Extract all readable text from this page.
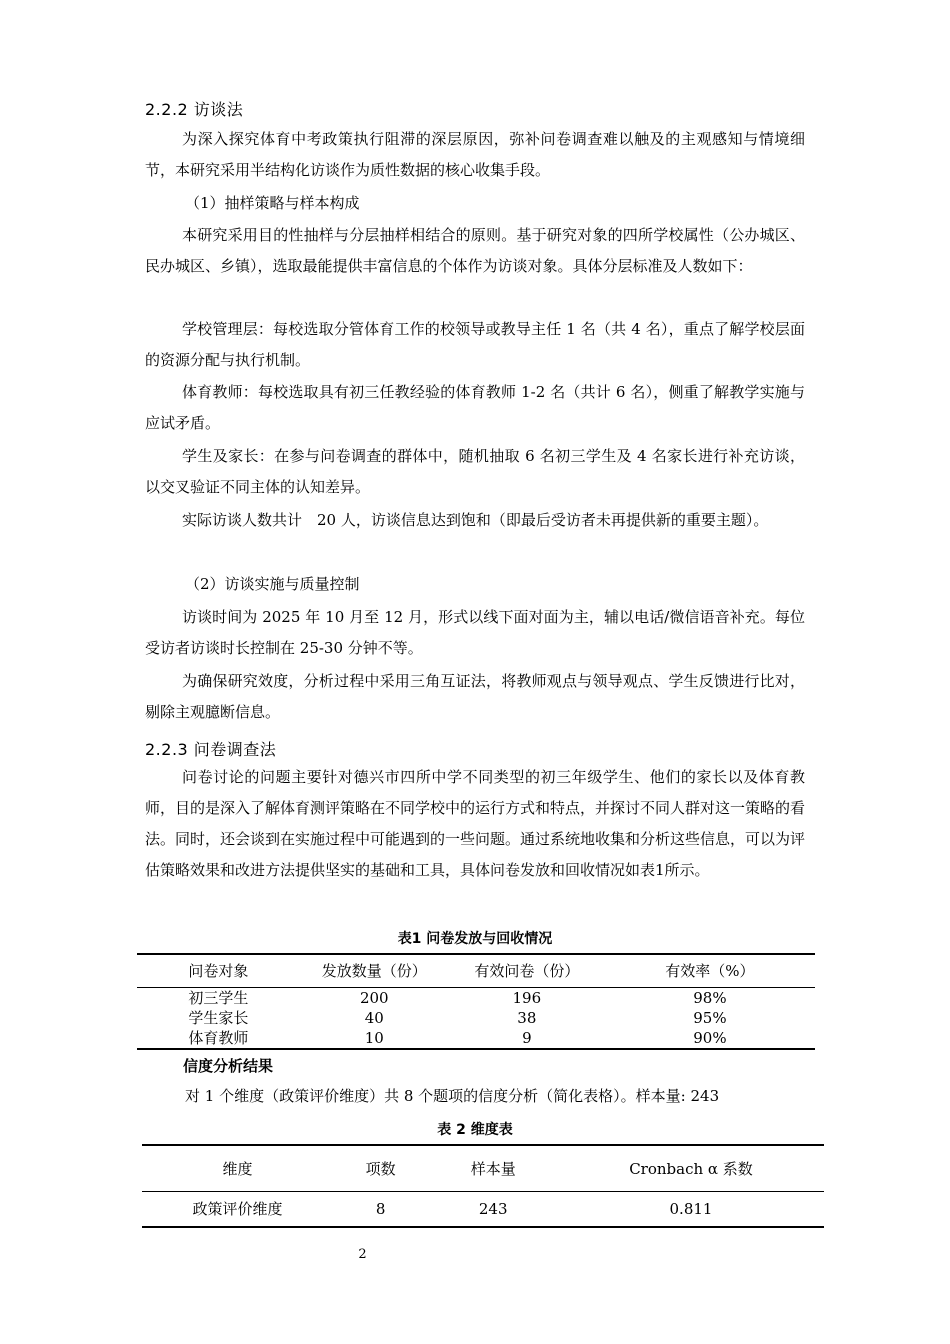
2.2.2 访谈法

为深入探究体育中考政策执行阻滞的深层原因，弥补问卷调查难以触及的主观感知与情境细节，本研究采用半结构化访谈作为质性数据的核心收集手段。

（1）抽样策略与样本构成

本研究采用目的性抽样与分层抽样相结合的原则。基于研究对象的四所学校属性（公办城区、民办城区、乡镇），选取最能提供丰富信息的个体作为访谈对象。具体分层标准及人数如下：

学校管理层：每校选取分管体育工作的校领导或教导主任 1 名（共 4 名），重点了解学校层面的资源分配与执行机制。

体育教师：每校选取具有初三任教经验的体育教师 1-2 名（共计 6 名），侧重了解教学实施与应试矛盾。

学生及家长：在参与问卷调查的群体中，随机抽取 6 名初三学生及 4 名家长进行补充访谈，以交叉验证不同主体的认知差异。

实际访谈人数共计　20 人，访谈信息达到饱和（即最后受访者未再提供新的重要主题）。

（2）访谈实施与质量控制

访谈时间为 2025 年 10 月至 12 月，形式以线下面对面为主，辅以电话/微信语音补充。每位受访者访谈时长控制在 25-30 分钟不等。

为确保研究效度，分析过程中采用三角互证法，将教师观点与领导观点、学生反馈进行比对，剔除主观臆断信息。

2.2.3 问卷调查法

问卷讨论的问题主要针对德兴市四所中学不同类型的初三年级学生、他们的家长以及体育教师，目的是深入了解体育测评策略在不同学校中的运行方式和特点，并探讨不同人群对这一策略的看法。同时，还会谈到在实施过程中可能遇到的一些问题。通过系统地收集和分析这些信息，可以为评估策略效果和改进方法提供坚实的基础和工具，具体问卷发放和回收情况如表1所示。

表1 问卷发放与回收情况
问卷对象	发放数量（份）	有效问卷（份）	有效率（%）
初三学生	200	196	98%
学生家长	40	38	95%
体育教师	10	9	90%
信度分析结果

对 1 个维度（政策评价维度）共 8 个题项的信度分析（简化表格）。样本量: 243

表 2 维度表
维度	项数	样本量	Cronbach α 系数
政策评价维度	8	243	0.811
2
